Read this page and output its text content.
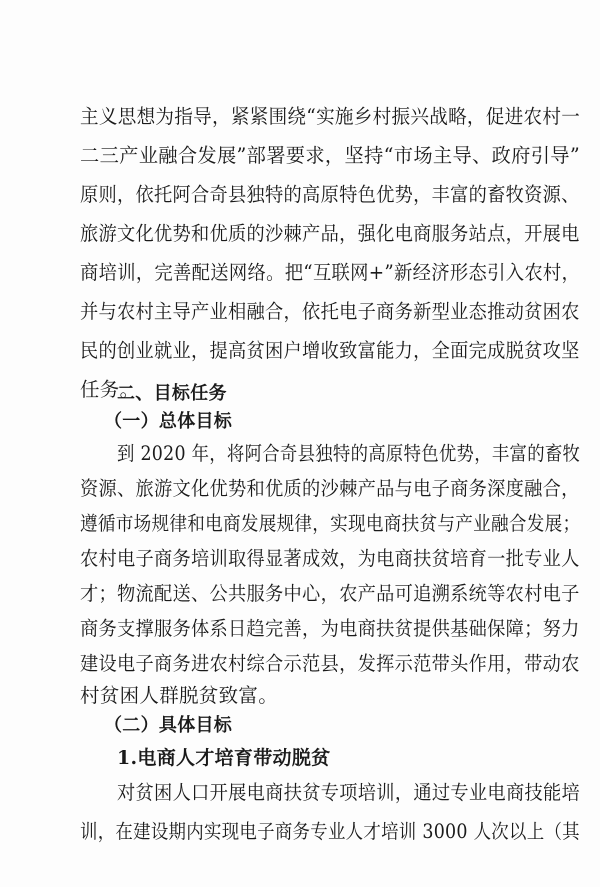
主义思想为指导，紧紧围绕“实施乡村振兴战略，促进农村一
二三产业融合发展”部署要求，坚持“市场主导、政府引导”
原则，依托阿合奇县独特的高原特色优势，丰富的畜牧资源、
旅游文化优势和优质的沙棘产品，强化电商服务站点，开展电
商培训，完善配送网络。把“互联网+”新经济形态引入农村，
并与农村主导产业相融合，依托电子商务新型业态推动贫困农
民的创业就业，提高贫困户增收致富能力，全面完成脱贫攻坚
任务。
二、目标任务
（一）总体目标
到 2020 年，将阿合奇县独特的高原特色优势，丰富的畜牧
资源、旅游文化优势和优质的沙棘产品与电子商务深度融合，
遵循市场规律和电商发展规律，实现电商扶贫与产业融合发展；
农村电子商务培训取得显著成效，为电商扶贫培育一批专业人
才；物流配送、公共服务中心，农产品可追溯系统等农村电子
商务支撑服务体系日趋完善，为电商扶贫提供基础保障；努力
建设电子商务进农村综合示范县，发挥示范带头作用，带动农
村贫困人群脱贫致富。
（二）具体目标
1.电商人才培育带动脱贫
对贫困人口开展电商扶贫专项培训，通过专业电商技能培
训，在建设期内实现电子商务专业人才培训 3000 人次以上（其
